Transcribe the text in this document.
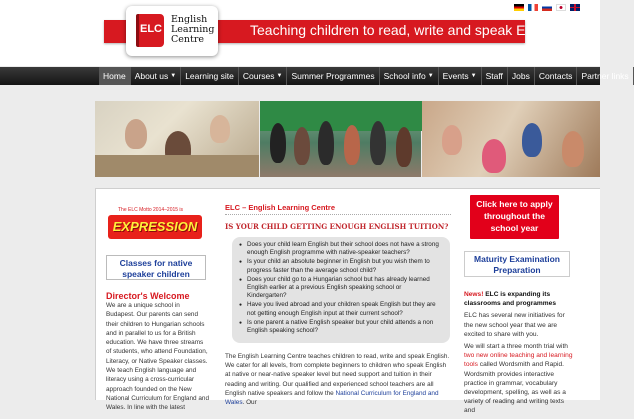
Teaching children to read, write and speak English.
ELC
English
Learning
Centre
Home About us ▼ Learning site Courses ▼ Summer Programmes School info ▼ Events ▼ Staff Jobs Contacts Partner links
The ELC Motto 2014–2015 is
EXPRESSION
Classes for native speaker children
Director's Welcome
We are a unique school in Budapest. Our parents can send their children to Hungarian schools and in parallel to us for a British education. We have three streams of students, who attend Foundation, Literacy, or Native Speaker classes. We teach English language and literacy using a cross-curricular approach founded on the New National Curriculum for England and Wales. In line with the latest
ELC – English Learning Centre
IS YOUR CHILD GETTING ENOUGH ENGLISH TUITION?
● Does your child learn English but their school does not have a strong enough English programme with native-speaker teachers?
● Is your child an absolute beginner in English but you wish them to progress faster than the average school child?
● Does your child go to a Hungarian school but has already learned English earlier at a previous English speaking school or Kindergarten?
● Have you lived abroad and your children speak English but they are not getting enough English input at their current school?
● Is one parent a native English speaker but your child attends a non English speaking school?
The English Learning Centre teaches children to read, write and speak English. We cater for all levels, from complete beginners to children who speak English at native or near-native speaker level but need support and tuition in their reading and writing. Our qualified and experienced school teachers are all English native speakers and follow the National Curriculum for England and Wales. Our
Click here to apply throughout the school year
Maturity Examination Preparation

News! ELC is expanding its classrooms and programmes

ELC has several new initiatives for the new school year that we are excited to share with you.

We will start a three month trial with two new online teaching and learning tools called Wordsmith and Rapid. Wordsmith provides interactive practice in grammar, vocabulary development, spelling, as well as a variety of reading and writing texts and
